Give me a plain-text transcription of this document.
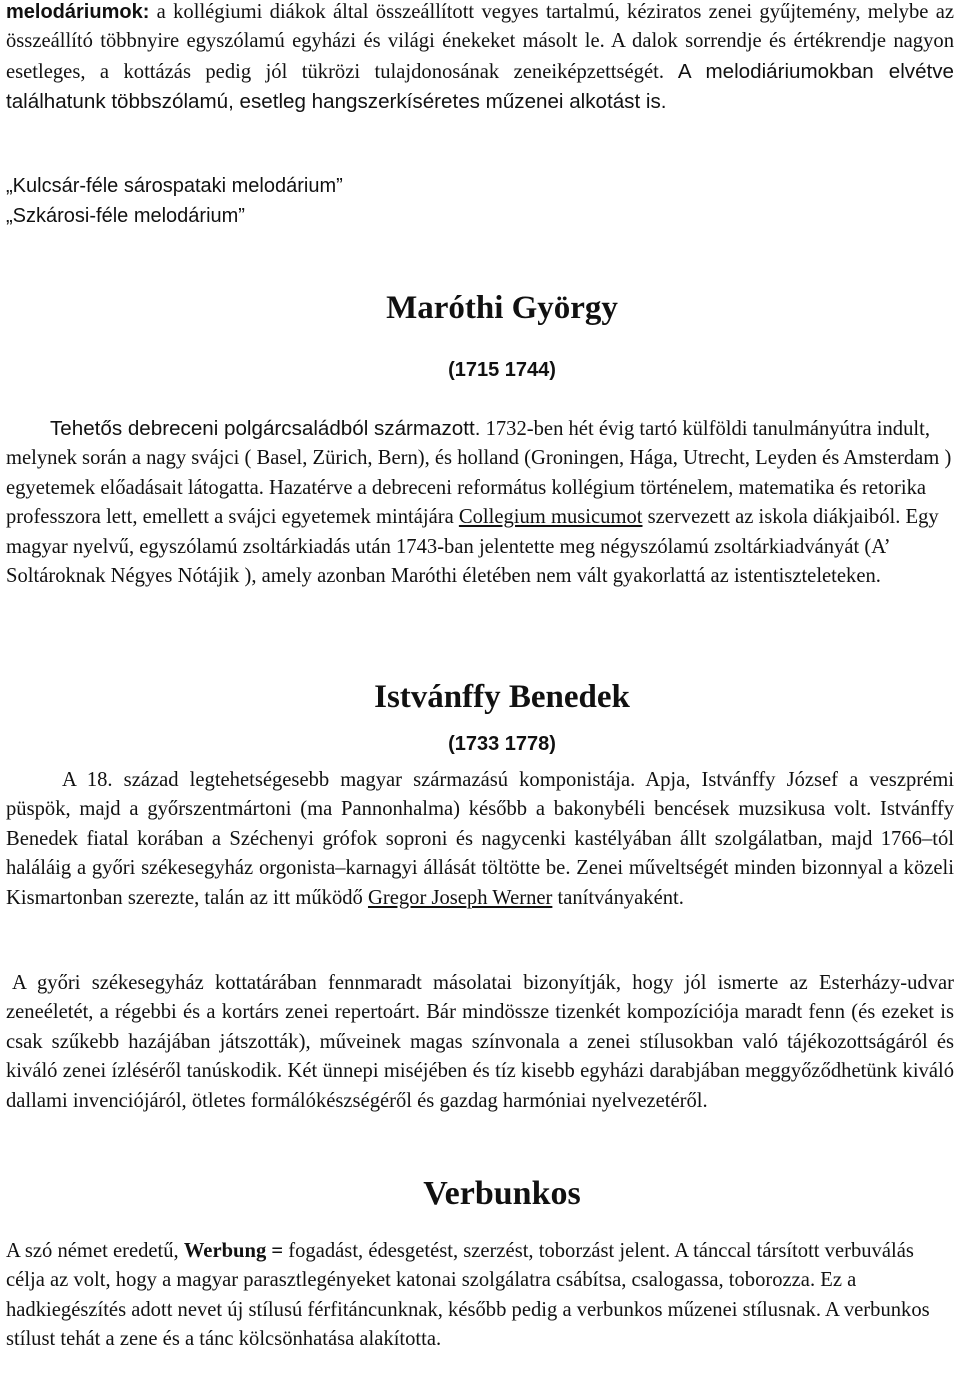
melodáriumok: a kollégiumi diákok által összeállított vegyes tartalmú, kéziratos zenei gyűjtemény, melybe az összeállító többnyire egyszólamú egyházi és világi énekeket másolt le. A dalok sorrendje és értékrendje nagyon esetleges, a kottázás pedig jól tükrözi tulajdonosának zeneiképzettségét. A melodiáriumokban elvétve találhatunk többszólamú, esetleg hangszerkíséretes műzenei alkotást is.

„Kulcsár-féle sárospataki melodárium”
„Szkárosi-féle melodárium”
Maróthi György
(1715 1744)

Tehetős debreceni polgárcsaládból származott. 1732-ben hét évig tartó külföldi tanulmányútra indult, melynek során a nagy svájci ( Basel, Zürich, Bern), és holland (Groningen, Hága, Utrecht, Leyden és Amsterdam ) egyetemek előadásait látogatta. Hazatérve a debreceni református kollégium történelem, matematika és retorika professzora lett, emellett a svájci egyetemek mintájára Collegium musicumot szervezett az iskola diákjaiból. Egy magyar nyelvű, egyszólamú zsoltárkiadás után 1743-ban jelentette meg négyszólamú zsoltárkiadványát (A’ Soltároknak Négyes Nótájik ), amely azonban Maróthi életében nem vált gyakorlattá az istentiszteleteken.

Istvánffy Benedek
(1733 1778)

A 18. század legtehetségesebb magyar származású komponistája. Apja, Istvánffy József a veszprémi püspök, majd a győrszentmártoni (ma Pannonhalma) később a bakonybéli bencések muzsikusa volt. Istvánffy Benedek fiatal korában a Széchenyi grófok soproni és nagycenki kastélyában állt szolgálatban, majd 1766–tól haláláig a győri székesegyház orgonista–karnagyi állását töltötte be. Zenei műveltségét minden bizonnyal a közeli Kismartonban szerezte, talán az itt működő Gregor Joseph Werner tanítványaként.

A győri székesegyház kottatárában fennmaradt másolatai bizonyítják, hogy jól ismerte az Esterházy-udvar zeneéletét, a régebbi és a kortárs zenei repertoárt. Bár mindössze tizenkét kompozíciója maradt fenn (és ezeket is csak szűkebb hazájában játszották), műveinek magas színvonala a zenei stílusokban való tájékozottságáról és kiváló zenei ízléséről tanúskodik. Két ünnepi miséjében és tíz kisebb egyházi darabjában meggyőződhetünk kiváló dallami invenciójáról, ötletes formálókészségéről és gazdag harmóniai nyelvezetéről.

Verbunkos

A szó német eredetű, Werbung = fogadást, édesgetést, szerzést, toborzást jelent. A tánccal társított verbuválás célja az volt, hogy a magyar parasztlegényeket katonai szolgálatra csábítsa, csalogassa, toborozza. Ez a hadkiegészítés adott nevet új stílusú férfitáncunknak, később pedig a verbunkos műzenei stílusnak. A verbunkos stílust tehát a zene és a tánc kölcsönhatása alakította.
